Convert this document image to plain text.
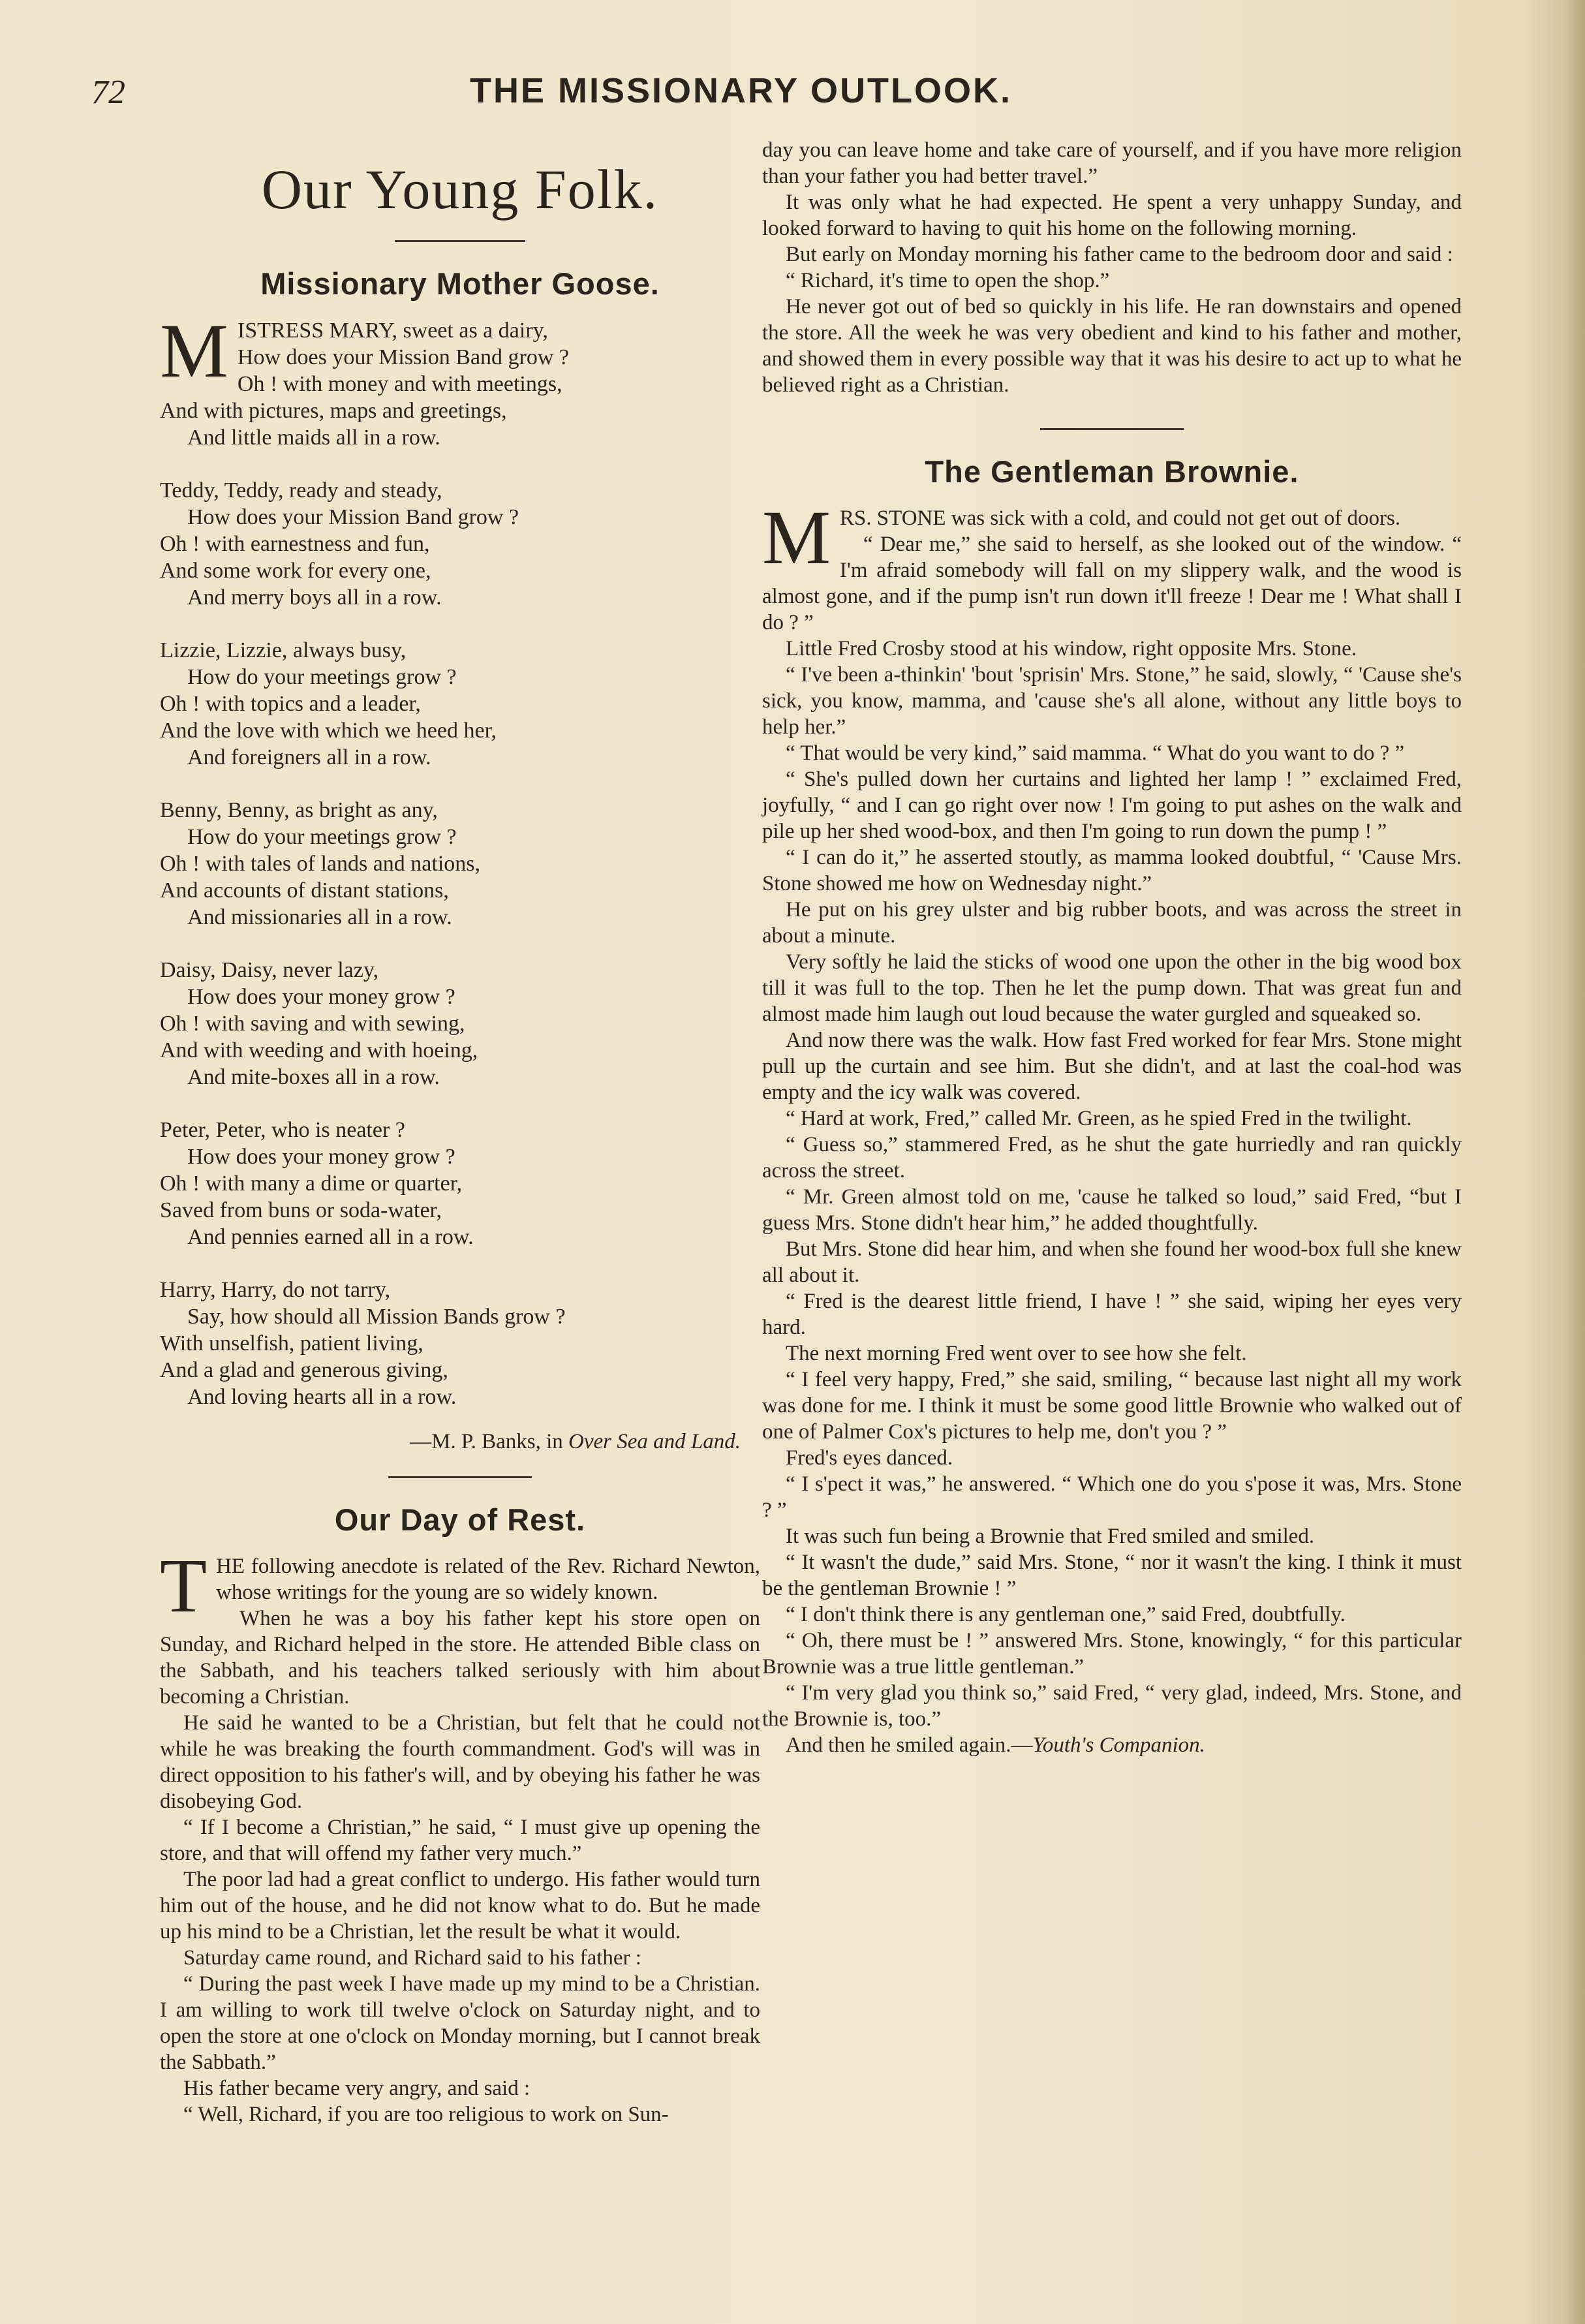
72	THE MISSIONARY OUTLOOK.
Our Young Folk.
Missionary Mother Goose.
M ISTRESS MARY, sweet as a dairy,
How does your Mission Band grow ?
Oh ! with money and with meetings,
And with pictures, maps and greetings,
And little maids all in a row.
Teddy, Teddy, ready and steady,
How does your Mission Band grow ?
Oh ! with earnestness and fun,
And some work for every one,
And merry boys all in a row.
Lizzie, Lizzie, always busy,
How do your meetings grow ?
Oh ! with topics and a leader,
And the love with which we heed her,
And foreigners all in a row.
Benny, Benny, as bright as any,
How do your meetings grow ?
Oh ! with tales of lands and nations,
And accounts of distant stations,
And missionaries all in a row.
Daisy, Daisy, never lazy,
How does your money grow ?
Oh ! with saving and with sewing,
And with weeding and with hoeing,
And mite-boxes all in a row.
Peter, Peter, who is neater ?
How does your money grow ?
Oh ! with many a dime or quarter,
Saved from buns or soda-water,
And pennies earned all in a row.
Harry, Harry, do not tarry,
Say, how should all Mission Bands grow ?
With unselfish, patient living,
And a glad and generous giving,
And loving hearts all in a row.
—M. P. Banks, in Over Sea and Land.
Our Day of Rest.

THE following anecdote is related of the Rev. Richard Newton, whose writings for the young are so widely known.

When he was a boy his father kept his store open on Sunday, and Richard helped in the store. He attended Bible class on the Sabbath, and his teachers talked seriously with him about becoming a Christian.

He said he wanted to be a Christian, but felt that he could not while he was breaking the fourth commandment. God's will was in direct opposition to his father's will, and by obeying his father he was disobeying God.

“ If I become a Christian,” he said, “ I must give up opening the store, and that will offend my father very much.”

The poor lad had a great conflict to undergo. His father would turn him out of the house, and he did not know what to do. But he made up his mind to be a Christian, let the result be what it would.

Saturday came round, and Richard said to his father :

“ During the past week I have made up my mind to be a Christian. I am willing to work till twelve o'clock on Saturday night, and to open the store at one o'clock on Monday morning, but I cannot break the Sabbath.”

His father became very angry, and said :

“ Well, Richard, if you are too religious to work on Sun-

day you can leave home and take care of yourself, and if you have more religion than your father you had better travel.”

It was only what he had expected. He spent a very unhappy Sunday, and looked forward to having to quit his home on the following morning.

But early on Monday morning his father came to the bedroom door and said :

“ Richard, it's time to open the shop.”

He never got out of bed so quickly in his life. He ran downstairs and opened the store. All the week he was very obedient and kind to his father and mother, and showed them in every possible way that it was his desire to act up to what he believed right as a Christian.

The Gentleman Brownie.

MRS. STONE was sick with a cold, and could not get out of doors.

“ Dear me,” she said to herself, as she looked out of the window. “ I'm afraid somebody will fall on my slippery walk, and the wood is almost gone, and if the pump isn't run down it'll freeze ! Dear me ! What shall I do ? ”

Little Fred Crosby stood at his window, right opposite Mrs. Stone.

“ I've been a-thinkin' 'bout 'sprisin' Mrs. Stone,” he said, slowly, “ 'Cause she's sick, you know, mamma, and 'cause she's all alone, without any little boys to help her.”

“ That would be very kind,” said mamma. “ What do you want to do ? ”

“ She's pulled down her curtains and lighted her lamp ! ” exclaimed Fred, joyfully, “ and I can go right over now ! I'm going to put ashes on the walk and pile up her shed wood-box, and then I'm going to run down the pump ! ”

“ I can do it,” he asserted stoutly, as mamma looked doubtful, “ 'Cause Mrs. Stone showed me how on Wednesday night.”

He put on his grey ulster and big rubber boots, and was across the street in about a minute.

Very softly he laid the sticks of wood one upon the other in the big wood box till it was full to the top. Then he let the pump down. That was great fun and almost made him laugh out loud because the water gurgled and squeaked so.

And now there was the walk. How fast Fred worked for fear Mrs. Stone might pull up the curtain and see him. But she didn't, and at last the coal-hod was empty and the icy walk was covered.

“ Hard at work, Fred,” called Mr. Green, as he spied Fred in the twilight.

“ Guess so,” stammered Fred, as he shut the gate hurriedly and ran quickly across the street.

“ Mr. Green almost told on me, 'cause he talked so loud,” said Fred, “but I guess Mrs. Stone didn't hear him,” he added thoughtfully.

But Mrs. Stone did hear him, and when she found her wood-box full she knew all about it.

“ Fred is the dearest little friend, I have ! ” she said, wiping her eyes very hard.

The next morning Fred went over to see how she felt.

“ I feel very happy, Fred,” she said, smiling, “ because last night all my work was done for me. I think it must be some good little Brownie who walked out of one of Palmer Cox's pictures to help me, don't you ? ”

Fred's eyes danced.

“ I s'pect it was,” he answered. “ Which one do you s'pose it was, Mrs. Stone ? ”

It was such fun being a Brownie that Fred smiled and smiled.

“ It wasn't the dude,” said Mrs. Stone, “ nor it wasn't the king. I think it must be the gentleman Brownie ! ”

“ I don't think there is any gentleman one,” said Fred, doubtfully.

“ Oh, there must be ! ” answered Mrs. Stone, knowingly, “ for this particular Brownie was a true little gentleman.”

“ I'm very glad you think so,” said Fred, “ very glad, indeed, Mrs. Stone, and the Brownie is, too.”

And then he smiled again.—Youth's Companion.
